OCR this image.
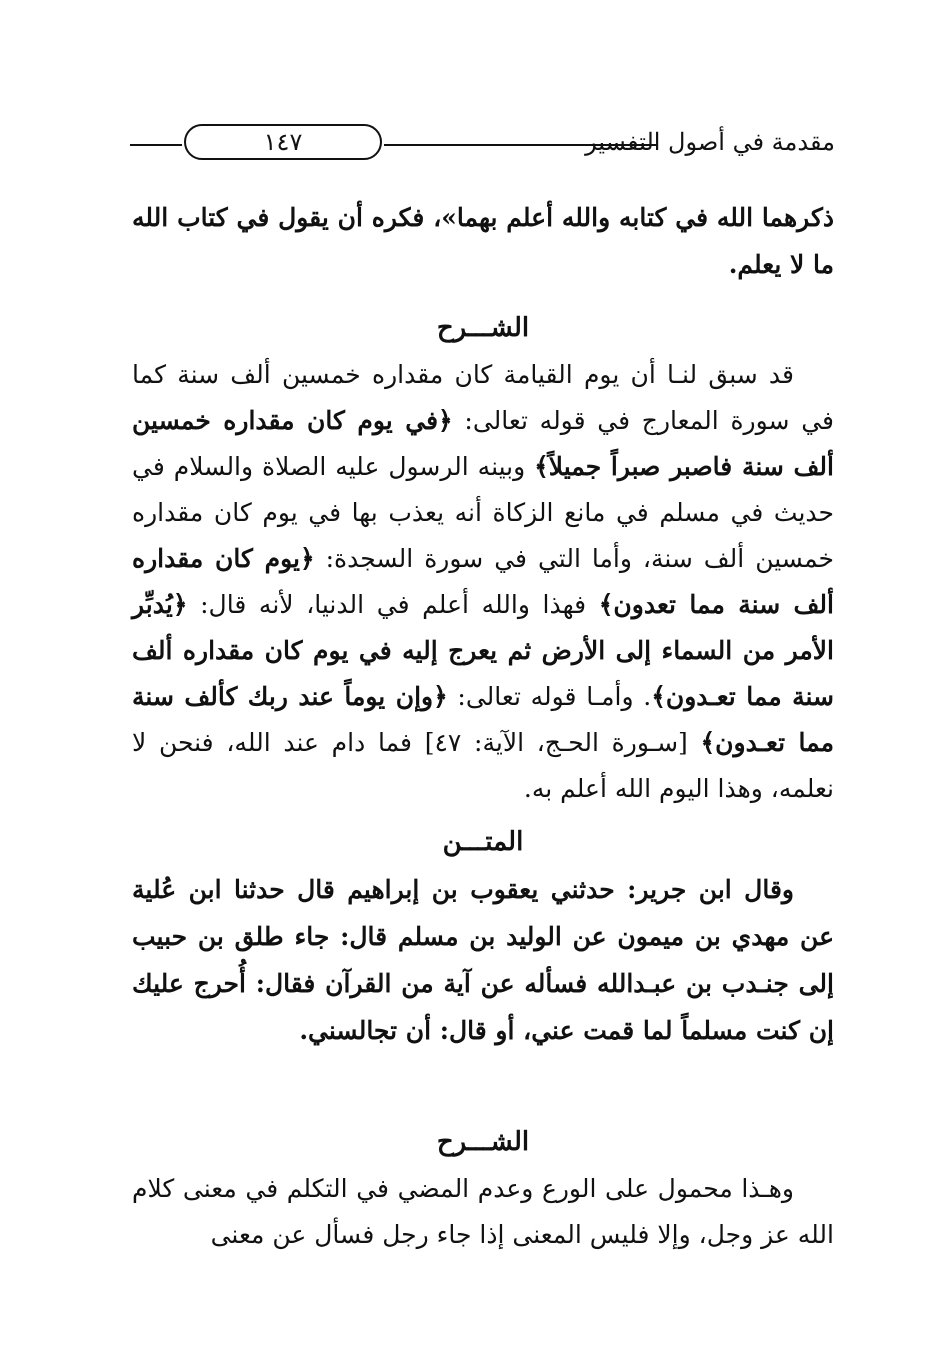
١٤٧	مقدمة في أصول التفسير

ذكرهما الله في كتابه والله أعلم بهما»، فكره أن يقول في كتاب الله ما لا يعلم.

الشـــرح

قد سبق لنـا أن يوم القيامة كان مقداره خمسين ألف سنة كما في سورة المعارج في قوله تعالى: ﴿في يوم كان مقداره خمسين ألف سنة فاصبر صبراً جميلاً﴾ وبينه الرسول عليه الصلاة والسلام في حديث في مسلم في مانع الزكاة أنه يعذب بها في يوم كان مقداره خمسين ألف سنة، وأما التي في سورة السجدة: ﴿يوم كان مقداره ألف سنة مما تعدون﴾ فهذا والله أعلم في الدنيا، لأنه قال: ﴿يُدبِّر الأمر من السماء إلى الأرض ثم يعرج إليه في يوم كان مقداره ألف سنة مما تعـدون﴾. وأمـا قوله تعالى: ﴿وإن يوماً عند ربك كألف سنة مما تعـدون﴾ [سـورة الحـج، الآية: ٤٧] فما دام عند الله، فنحن لا نعلمه، وهذا اليوم الله أعلم به.

المتـــن

وقال ابن جرير: حدثني يعقوب بن إبراهيم قال حدثنا ابن عُلية عن مهدي بن ميمون عن الوليد بن مسلم قال: جاء طلق بن حبيب إلى جنـدب بن عبـدالله فسأله عن آية من القرآن فقال: أُحرج عليك إن كنت مسلماً لما قمت عني، أو قال: أن تجالسني.

الشـــرح

وهـذا محمول على الورع وعدم المضي في التكلم في معنى كلام الله عز وجل، وإلا فليس المعنى إذا جاء رجل فسأل عن معنى
